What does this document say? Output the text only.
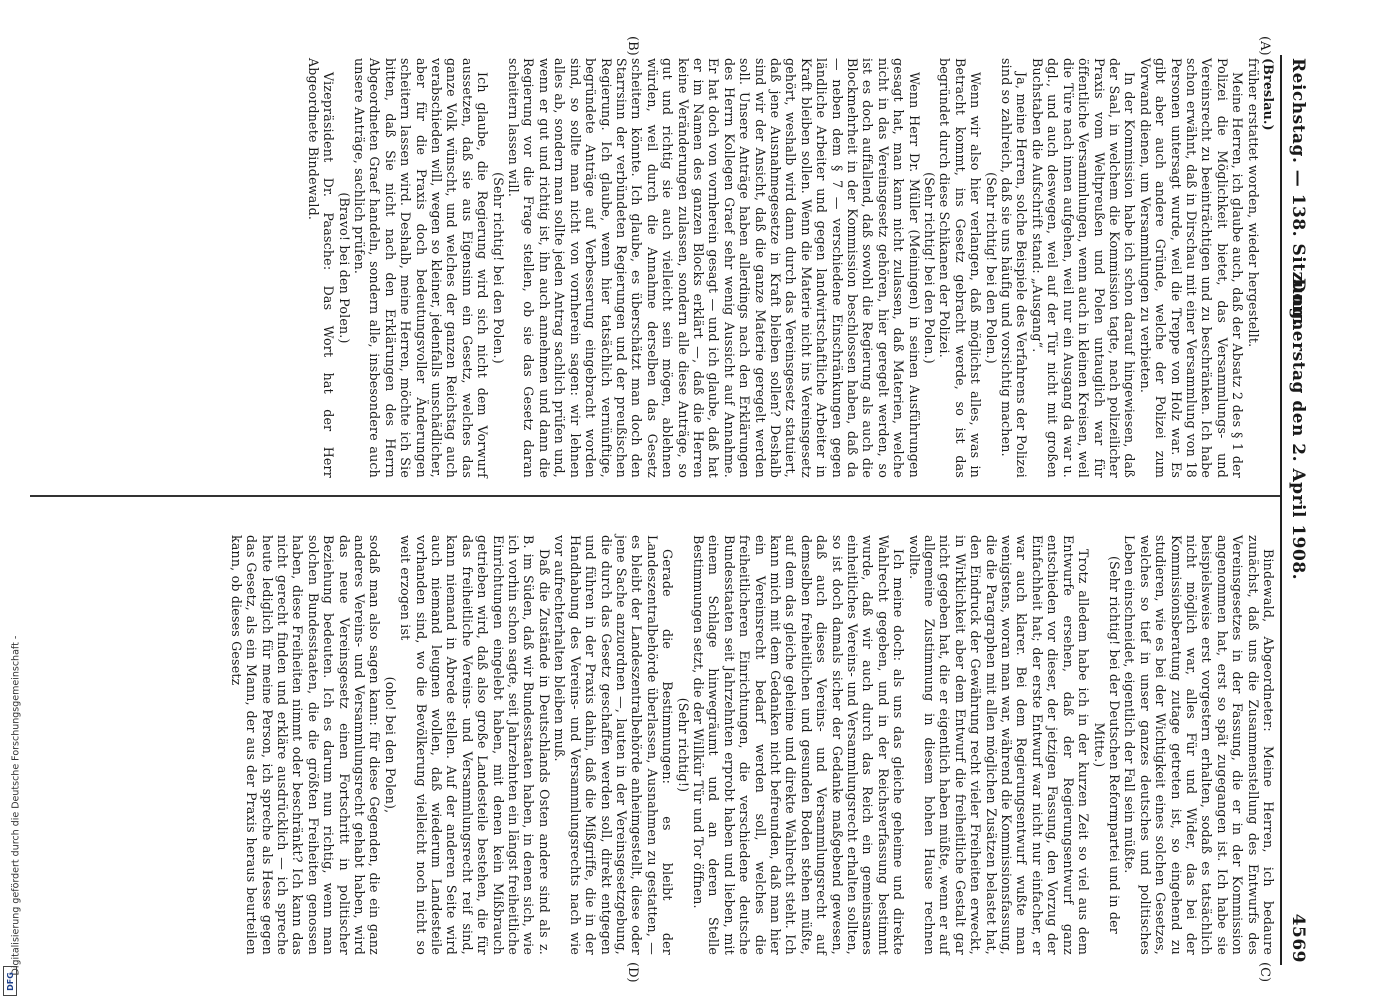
Reichstag. — 138. Sitzung.
Donnerstag den 2. April 1908.
4569
(A)
(B)
(C)
(D)

(Breslau.)

früher erstattet worden, wieder hergestellt.

Meine Herren, ich glaube auch, daß der Absatz 2 des § 1 der Polizei die Möglichkeit bietet, das Versammlungs- und Vereinsrecht zu beeinträchtigen und zu beschränken. Ich habe schon erwähnt, daß in Dirschau mit einer Versammlung von 18 Personen untersagt wurde, weil die Treppe von Holz war. Es gibt aber auch andere Gründe, welche der Polizei zum Vorwand dienen, um Versammlungen zu verbieten.

In der Kommission habe ich schon darauf hingewiesen, daß der Saal, in welchem die Kommission tagte, nach polizeilicher Praxis vom Weltpreußen und Polen untauglich war für öffentliche Versammlungen, wenn auch in kleinen Kreisen, weil die Türe nach innen aufgehen, weil nur ein Ausgang da war u. dgl., und auch deswegen, weil auf der Tür nicht mit großen Buchstaben die Aufschrift stand: „Ausgang“.

Ja, meine Herren, solche Beispiele des Verfahrens der Polizei sind so zahlreich, daß sie uns häufig und vorsichtig machen.

(Sehr richtig! bei den Polen.)

Wenn wir also hier verlangen, daß möglichst alles, was in Betracht kommt, ins Gesetz gebracht werde, so ist das begründet durch diese Schikanen der Polizei.

(Sehr richtig! bei den Polen.)

Wenn Herr Dr. Müller (Meiningen) in seinen Ausführungen gesagt hat, man kann nicht zulassen, daß Materien, welche nicht in das Vereinsgesetz gehören, hier geregelt werden, so ist es doch auffallend, daß sowohl die Regierung als auch die Blockmehrheit in der Kommission beschlossen haben, daß da — neben dem § 7 — verschiedene Einschränkungen gegen ländliche Arbeiter und gegen landwirtschaftliche Arbeiter in Kraft bleiben sollen. Wenn die Materie nicht ins Vereinsgesetz gehört, weshalb wird dann durch das Vereinsgesetz statuiert, daß jene Ausnahmegesetze in Kraft bleiben sollen? Deshalb sind wir der Ansicht, daß die ganze Materie geregelt werden soll. Unsere Anträge haben allerdings nach den Erklärungen des Herrn Kollegen Graef sehr wenig Aussicht auf Annahme. Er hat doch von vornherein gesagt — und ich glaube, daß hat er im Namen des ganzen Blocks erklärt —, daß die Herren keine Veränderungen zulassen, sondern alle diese Anträge, so gut und richtig sie auch vielleicht sein mögen, ablehnen würden, weil durch die Annahme derselben das Gesetz scheitern könnte. Ich glaube, es überschätzt man doch den Starrsinn der verbündeten Regierungen und der preußischen Regierung. Ich glaube, wenn hier tatsächlich vernünftige, begründete Anträge auf Verbesserung eingebracht worden sind, so sollte man nicht von vornherein sagen: wir lehnen alles ab, sondern man sollte jeden Antrag sachlich prüfen und, wenn er gut und richtig ist, ihn auch annehmen und dann die Regierung vor die Frage stellen, ob sie das Gesetz daran scheitern lassen will.

(Sehr richtig! bei den Polen.)

Ich glaube, die Regierung wird sich nicht dem Vorwurf aussetzen, daß sie aus Eigensinn ein Gesetz, welches das ganze Volk wünscht, und welches der ganzen Reichstag auch verabschieden will, wegen so kleiner, jedenfalls unschädlicher, aber für die Praxis doch bedeutungsvoller Änderungen scheitern lassen wird. Deshalb, meine Herren, möchte ich Sie bitten, daß Sie nicht nach den Erklärungen des Herrn Abgeordneten Graef handeln, sondern alle, insbesondere auch unsere Anträge, sachlich prüfen.

(Bravo! bei den Polen.)

Vizepräsident Dr. Paasche: Das Wort hat der Herr Abgeordnete Bindewald.

Bindewald, Abgeordneter: Meine Herren, ich bedaure zunächst, daß uns die Zusammenstellung des Entwurfs des Vereinsgesetzes in der Fassung, die er in der Kommission angenommen hat, erst so spät zugegangen ist. Ich habe sie beispielsweise erst vorgestern erhalten, sodaß es tatsächlich nicht möglich war, alles Für und Wider, das bei der Kommissionsberatung zutage getreten ist, so eingehend zu studieren, wie es bei der Wichtigkeit eines solchen Gesetzes, welches so tief in unser ganzes deutsches und politisches Leben einschneidet, eigentlich der Fall sein müßte.

(Sehr richtig! bei der Deutschen Reformpartei und in der Mitte.)

Trotz alledem habe ich in der kurzen Zeit so viel aus dem Entwurfe ersehen, daß der Regierungsentwurf ganz entschieden vor dieser, der jetzigen Fassung, den Vorzug der Einfachheit hat; der erste Entwurf war nicht nur einfacher, er war auch klarer. Bei dem Regierungsentwurf wußte man wenigstens, woran man war, während die Kommissionsfassung, die die Paragraphen mit allen möglichen Zusätzen belastet hat, den Eindruck der Gewährung recht vieler Freiheiten erweckt, in Wirklichkeit aber dem Entwurf die freiheitliche Gestalt gar nicht gegeben hat, die er eigentlich haben müßte, wenn er auf allgemeine Zustimmung in diesem hohen Hause rechnen wollte.

Ich meine doch: als uns das gleiche geheime und direkte Wahlrecht gegeben, und in der Reichsverfassung bestimmt wurde, daß wir auch durch das Reich ein gemeinsames einheitliches Vereins- und Versammlungsrecht erhalten sollten, so ist doch damals sicher der Gedanke maßgebend gewesen, daß auch dieses Vereins- und Versammlungsrecht auf demselben freiheitlichen und gesunden Boden stehen müßte, auf dem das gleiche geheime und direkte Wahlrecht steht. Ich kann mich mit dem Gedanken nicht befreunden, daß man hier ein Vereinsrecht bedarf werden soll, welches die freiheitlicheren Einrichtungen, die verschiedene deutsche Bundesstaaten seit Jahrzehnten erprobt haben und lieben, mit einem Schlage hinwegräumt und an deren Stelle Bestimmungen setzt, die der Willkür Tür und Tor öffnen.

(Sehr richtig!)

Gerade die Bestimmungen: es bleibt der Landeszentralbehörde überlassen, Ausnahmen zu gestatten, — es bleibt der Landeszentralbehörde anheimgestellt, diese oder jene Sache anzuordnen —, lauten in der Vereinsgesetzgebung, die durch das Gesetz geschaffen werden soll, direkt entgegen und führen in der Praxis dahin, daß die Mißgriffe, die in der Handhabung des Vereins- und Versammlungsrechts nach wie vor aufrechterhalten bleiben muß.

Daß die Zustände in Deutschlands Osten andere sind als z. B. im Süden, daß wir Bundesstaaten haben, in denen sich, wie ich vorhin schon sagte, seit Jahrzehnten ein längst freiheitliche Einrichtungen eingelebt haben, mit denen kein Mißbrauch getrieben wird, daß also große Landesteile bestehen, die für das freiheitliche Vereins- und Versammlungsrecht reif sind, kann niemand in Abrede stellen. Auf der anderen Seite wird auch niemand leugnen wollen, daß wiederum Landesteile vorhanden sind, wo die Bevölkerung vielleicht noch nicht so weit erzogen ist

(oho! bei den Polen),

sodaß man also sagen kann: für diese Gegenden, die ein ganz anderes Vereins- und Versammlungsrecht gehabt haben, wird das neue Vereinsgesetz einen Fortschritt in politischer Beziehung bedeuten. Ich es darum nun richtig, wenn man solchen Bundesstaaten, die die größten Freiheiten genossen haben, diese Freiheiten nimmt oder beschränkt? Ich kann das nicht gerecht finden und erkläre ausdrücklich — ich spreche heute lediglich für meine Person, ich spreche als Hesse gegen das Gesetz, als ein Mann, der aus der Praxis heraus beurteilen kann, ob dieses Gesetz

Digitalisierung gefördert durch die Deutsche Forschungsgemeinschaft -
DFG
